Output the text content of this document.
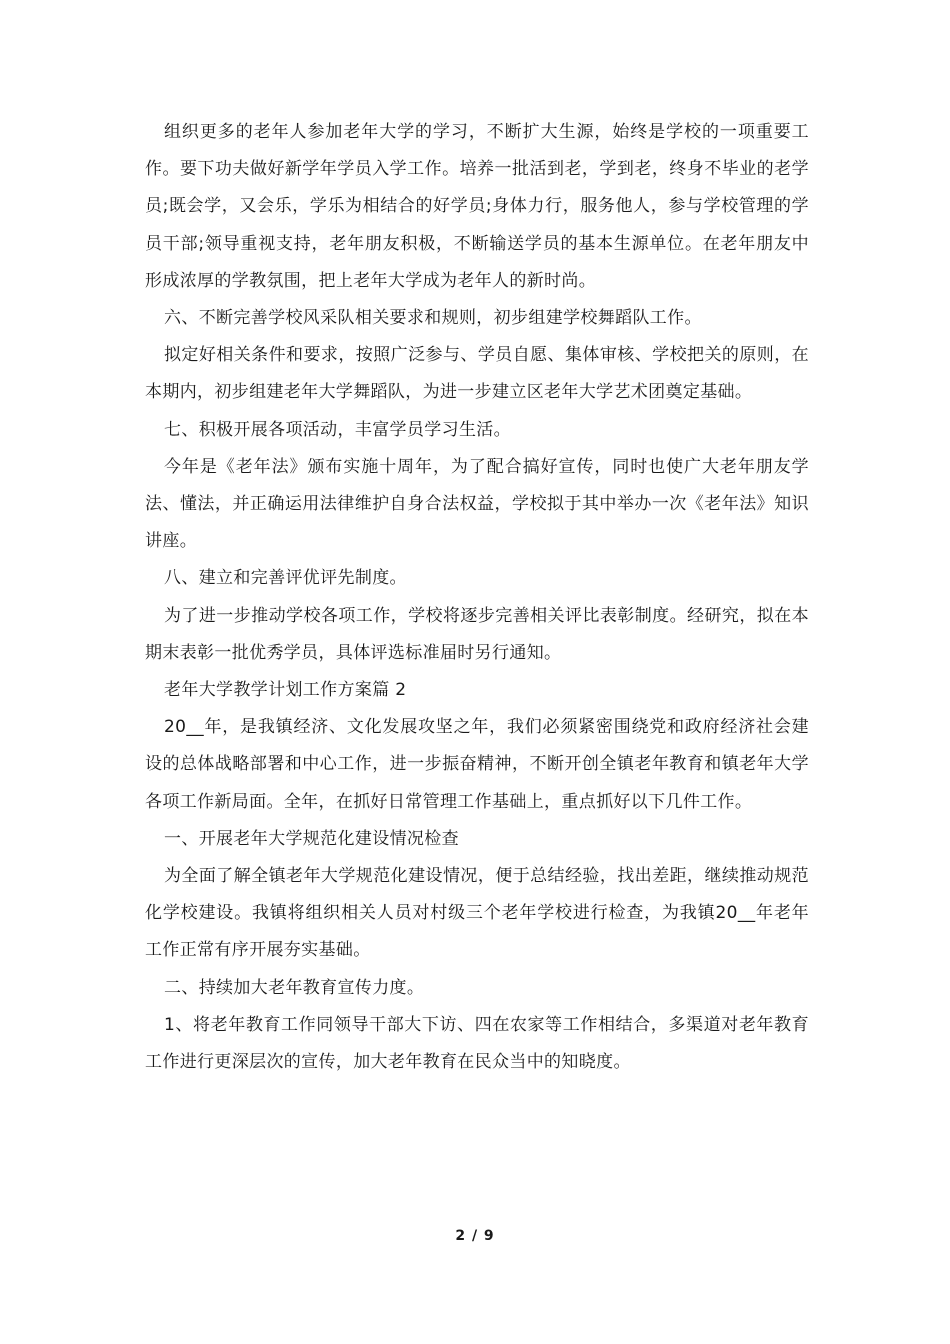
组织更多的老年人参加老年大学的学习，不断扩大生源，始终是学校的一项重要工作。要下功夫做好新学年学员入学工作。培养一批活到老，学到老，终身不毕业的老学员;既会学，又会乐，学乐为相结合的好学员;身体力行，服务他人，参与学校管理的学员干部;领导重视支持，老年朋友积极，不断输送学员的基本生源单位。在老年朋友中形成浓厚的学教氛围，把上老年大学成为老年人的新时尚。

六、不断完善学校风采队相关要求和规则，初步组建学校舞蹈队工作。

拟定好相关条件和要求，按照广泛参与、学员自愿、集体审核、学校把关的原则，在本期内，初步组建老年大学舞蹈队，为进一步建立区老年大学艺术团奠定基础。

七、积极开展各项活动，丰富学员学习生活。

今年是《老年法》颁布实施十周年，为了配合搞好宣传，同时也使广大老年朋友学法、懂法，并正确运用法律维护自身合法权益，学校拟于其中举办一次《老年法》知识讲座。

八、建立和完善评优评先制度。

为了进一步推动学校各项工作，学校将逐步完善相关评比表彰制度。经研究，拟在本期末表彰一批优秀学员，具体评选标准届时另行通知。

老年大学教学计划工作方案篇 2

20__年，是我镇经济、文化发展攻坚之年，我们必须紧密围绕党和政府经济社会建设的总体战略部署和中心工作，进一步振奋精神，不断开创全镇老年教育和镇老年大学各项工作新局面。全年，在抓好日常管理工作基础上，重点抓好以下几件工作。

一、开展老年大学规范化建设情况检查

为全面了解全镇老年大学规范化建设情况，便于总结经验，找出差距，继续推动规范化学校建设。我镇将组织相关人员对村级三个老年学校进行检查，为我镇20__年老年工作正常有序开展夯实基础。

二、持续加大老年教育宣传力度。

1、将老年教育工作同领导干部大下访、四在农家等工作相结合，多渠道对老年教育工作进行更深层次的宣传，加大老年教育在民众当中的知晓度。

2 / 9
